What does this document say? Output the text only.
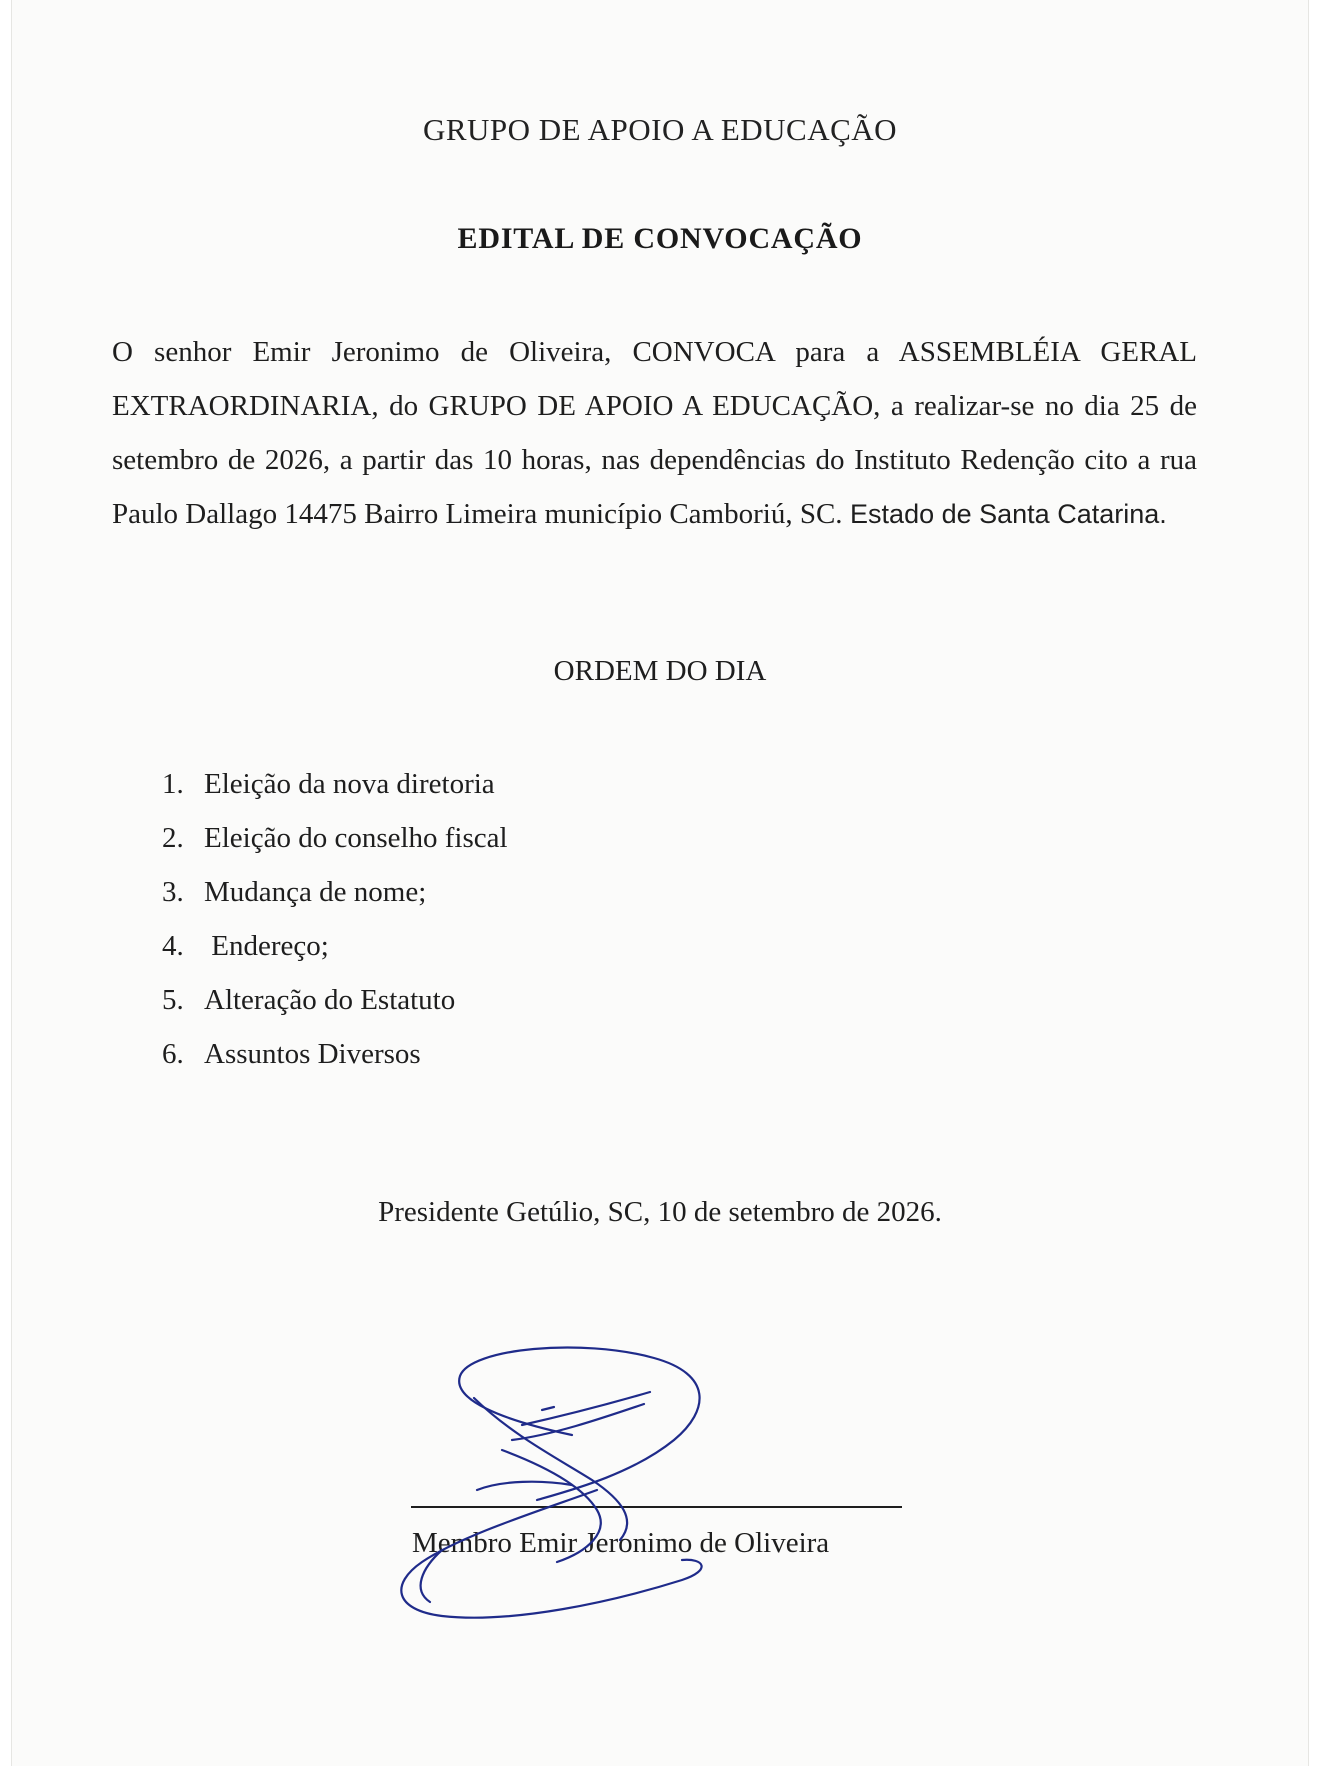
GRUPO DE APOIO A EDUCAÇÃO
EDITAL DE CONVOCAÇÃO

O senhor Emir Jeronimo de Oliveira, CONVOCA para a ASSEMBLÉIA GERAL EXTRAORDINARIA, do GRUPO DE APOIO A EDUCAÇÃO, a realizar-se no dia 25 de setembro de 2026, a partir das 10 horas, nas dependências do Instituto Redenção cito a rua Paulo Dallago 14475 Bairro Limeira município Camboriú, SC. Estado de Santa Catarina.

ORDEM DO DIA
1. Eleição da nova diretoria
2. Eleição do conselho fiscal
3. Mudança de nome;
4. Endereço;
5. Alteração do Estatuto
6. Assuntos Diversos
Presidente Getúlio, SC, 10 de setembro de 2026.
Membro Emir Jeronimo de Oliveira
